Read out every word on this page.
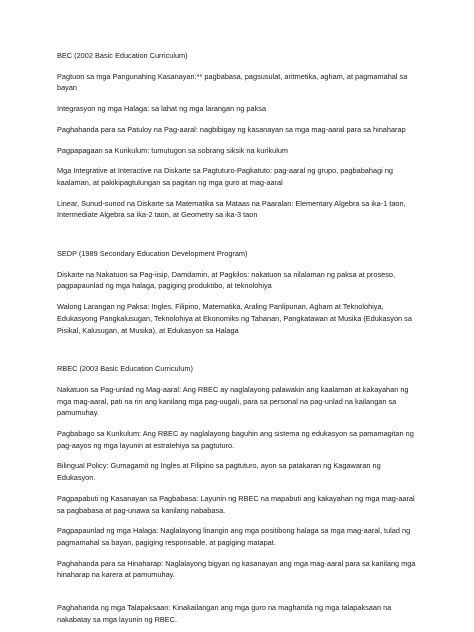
BEC (2002 Basic Education Curriculum)

Pagtuon sa mga Pangunahing Kasanayan:** pagbabasa, pagsusulat, aritmetika, agham, at pagmamahal sa bayan

Integrasyon ng mga Halaga: sa lahat ng mga larangan ng paksa

Paghahanda para sa Patuloy na Pag-aaral: nagbibigay ng kasanayan sa mga mag-aaral para sa hinaharap

Pagpapagaan sa Kurikulum: tumutugon sa sobrang siksik na kurikulum

Mga Integrative at Interactive na Diskarte sa Pagtuturo-Pagkatuto: pag-aaral ng grupo, pagbabahagi ng kaalaman, at pakikipagtulungan sa pagitan ng mga guro at mag-aaral

Linear, Sunud-sunod na Diskarte sa Matematika sa Mataas na Paaralan: Elementary Algebra sa ika-1 taon, Intermediate Algebra sa ika-2 taon, at Geometry sa ika-3 taon

SEDP (1989 Secondary Education Development Program)

Diskarte na Nakatuon sa Pag-iisip, Damdamin, at Pagkilos: nakatuon sa nilalaman ng paksa at proseso, pagpapaunlad ng mga halaga, pagiging produktibo, at teknolohiya

Walong Larangan ng Paksa: Ingles, Filipino, Matematika, Araling Panlipunan, Agham at Teknolohiya, Edukasyong Pangkalusugan, Teknolohiya at Ekonomiks ng Tahanan, Pangkatawan at Musika (Edukasyon sa Pisikal, Kalusugan, at Musika), at Edukasyon sa Halaga

RBEC (2003 Basic Education Curriculum)

Nakatuon sa Pag-unlad ng Mag-aaral: Ang RBEC ay naglalayong palawakin ang kaalaman at kakayahan ng mga mag-aaral, pati na rin ang kanilang mga pag-uugali, para sa personal na pag-unlad na kailangan sa pamumuhay.

Pagbabago sa Kurikulum: Ang RBEC ay naglalayong baguhin ang sistema ng edukasyon sa pamamagitan ng pag-aayos ng mga layunin at estratehiya sa pagtuturo.

Bilingual Policy: Gumagamit ng Ingles at Filipino sa pagtuturo, ayon sa patakaran ng Kagawaran ng Edukasyon.

Pagpapabuti ng Kasanayan sa Pagbabasa: Layunin ng RBEC na mapabuti ang kakayahan ng mga mag-aaral sa pagbabasa at pag-unawa sa kanilang nababasa.

Pagpapaunlad ng mga Halaga: Naglalayong linangin ang mga positibong halaga sa mga mag-aaral, tulad ng pagmamahal sa bayan, pagiging responsable, at pagiging matapat.

Paghahanda para sa Hinaharap: Naglalayong bigyan ng kasanayan ang mga mag-aaral para sa kanilang mga hinaharap na karera at pamumuhay.

Paghahanda ng mga Talapaksaan: Kinakailangan ang mga guro na maghanda ng mga talapaksaan na nakabatay sa mga layunin ng RBEC.
